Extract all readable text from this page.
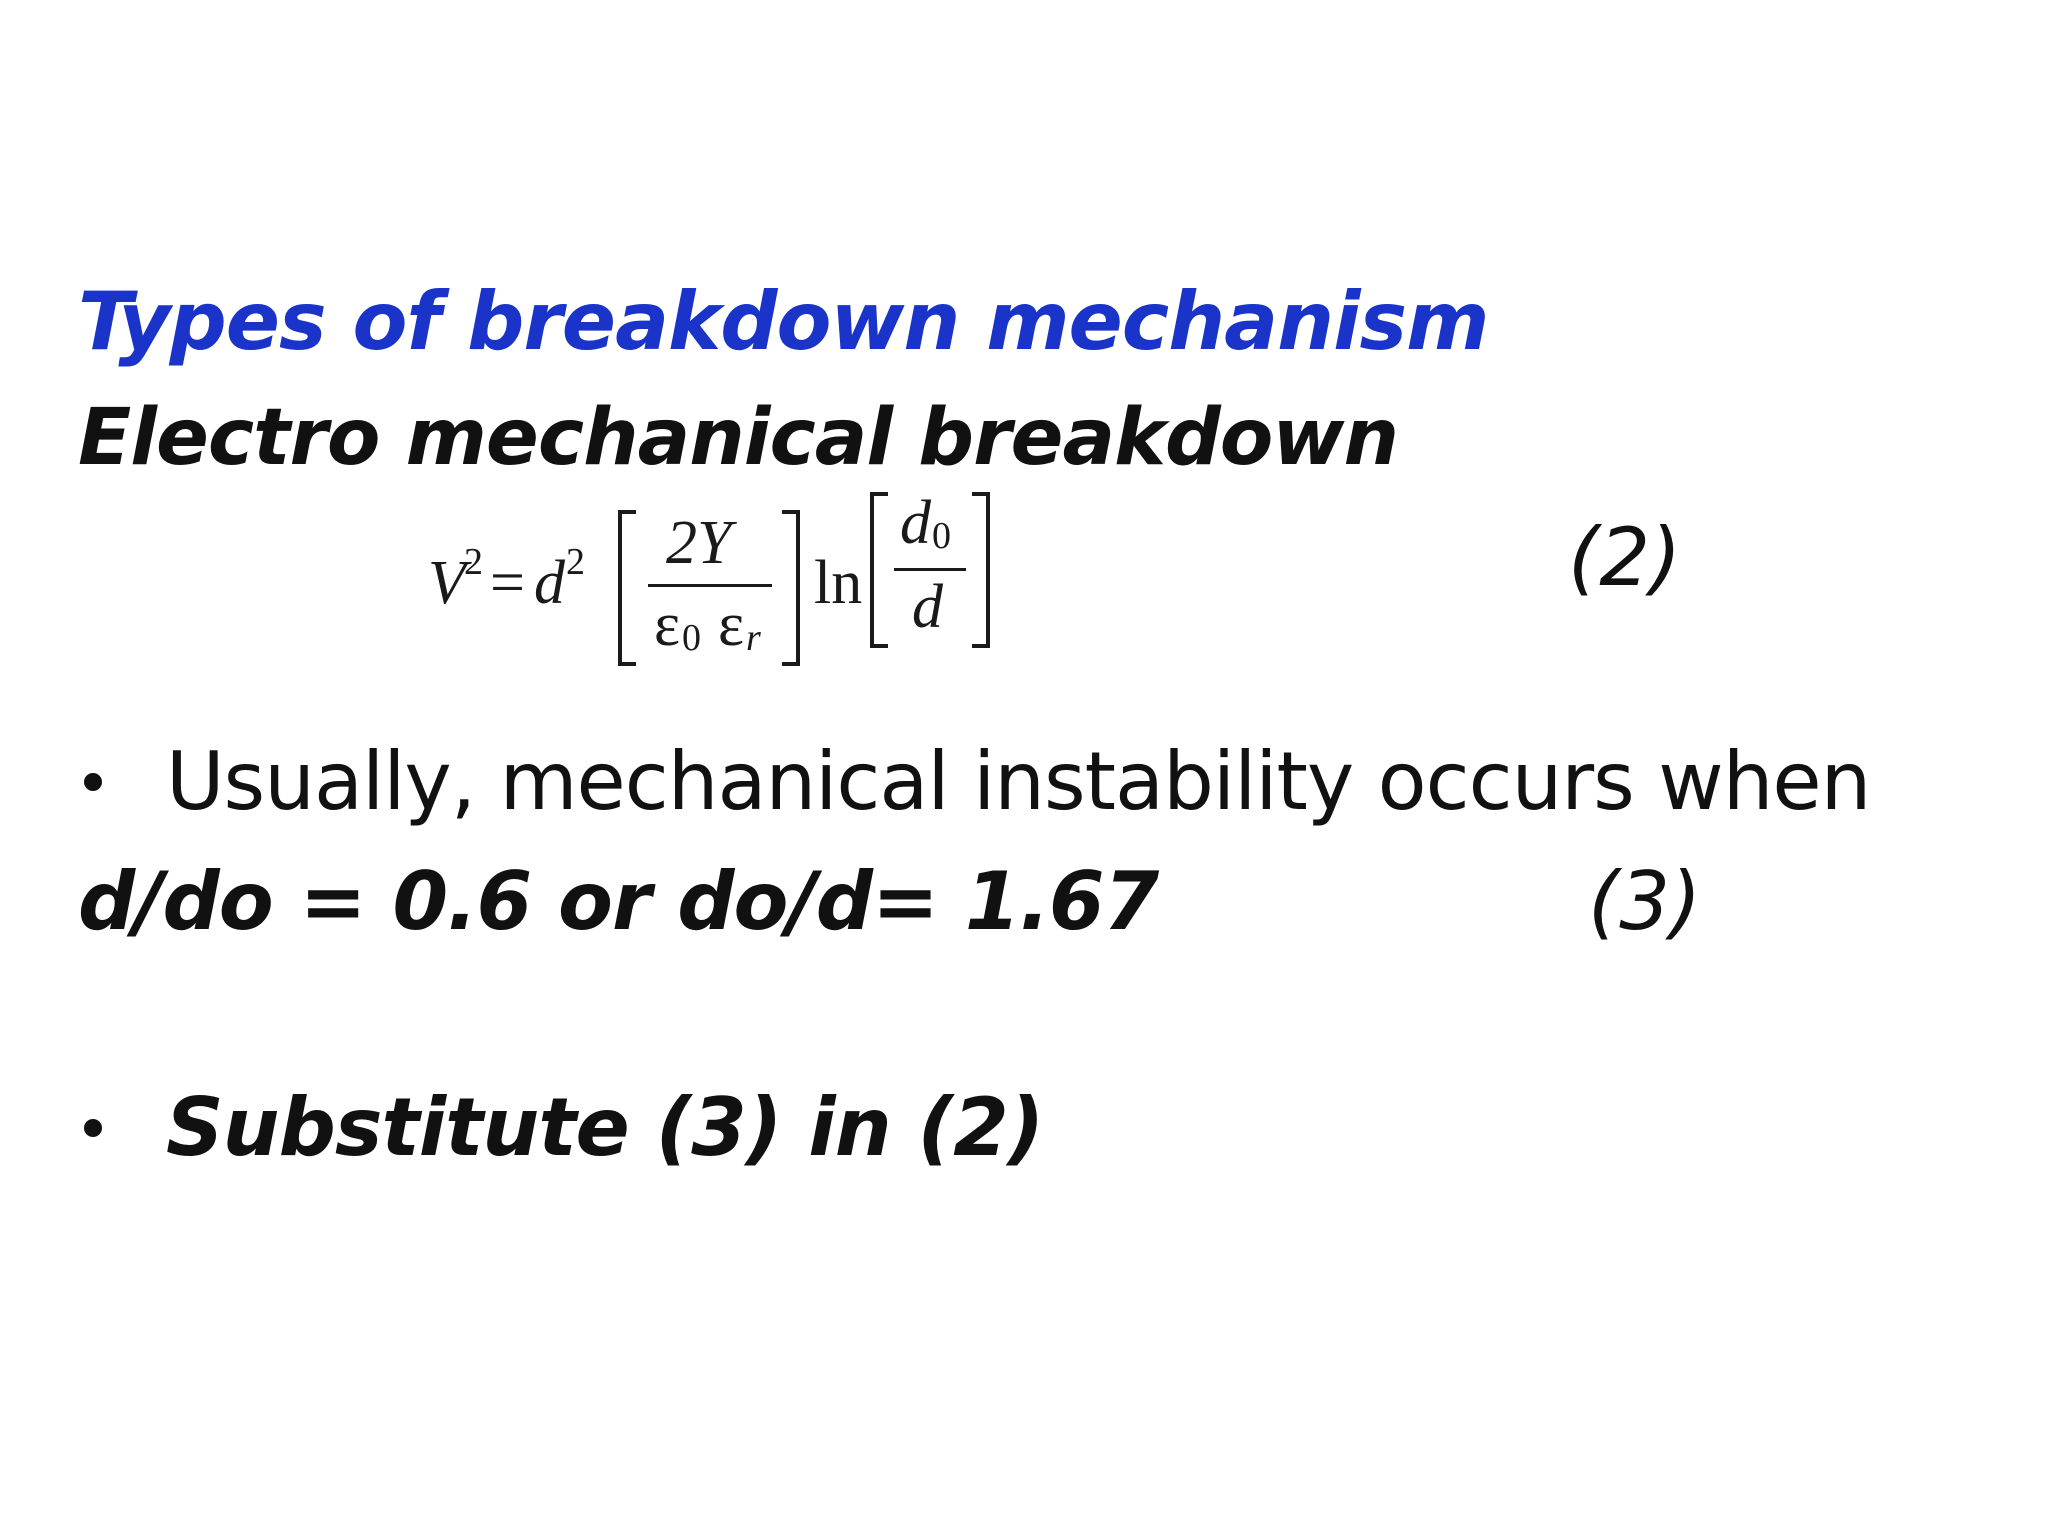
Types of breakdown mechanism
Electro mechanical breakdown
V
2 = d 2 2Y
ε 0 ε r
ln
d 0
d
(2)
Usually, mechanical instability occurs when
d/do = 0.6 or do/d= 1.67	(3)
Substitute (3) in (2)
